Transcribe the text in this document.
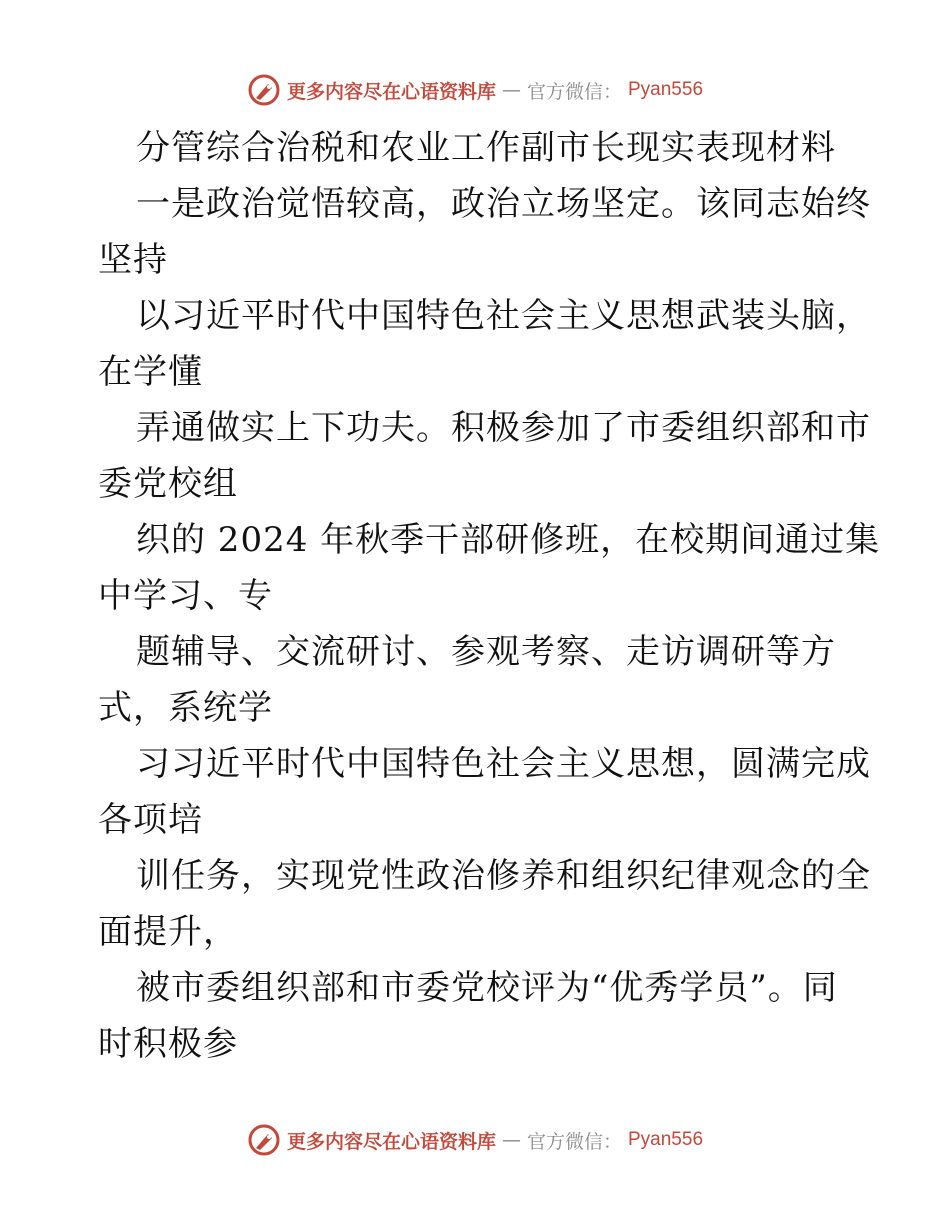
更多内容尽在心语资料库 — 官方微信： Pyan556
分管综合治税和农业工作副市长现实表现材料
一是政治觉悟较高，政治立场坚定。该同志始终
坚持
以习近平时代中国特色社会主义思想武装头脑，
在学懂
弄通做实上下功夫。积极参加了市委组织部和市
委党校组
织的 2024 年秋季干部研修班，在校期间通过集
中学习、专
题辅导、交流研讨、参观考察、走访调研等方
式，系统学
习习近平时代中国特色社会主义思想，圆满完成
各项培
训任务，实现党性政治修养和组织纪律观念的全
面提升，
被市委组织部和市委党校评为“优秀学员”。同
时积极参
更多内容尽在心语资料库 — 官方微信： Pyan556
